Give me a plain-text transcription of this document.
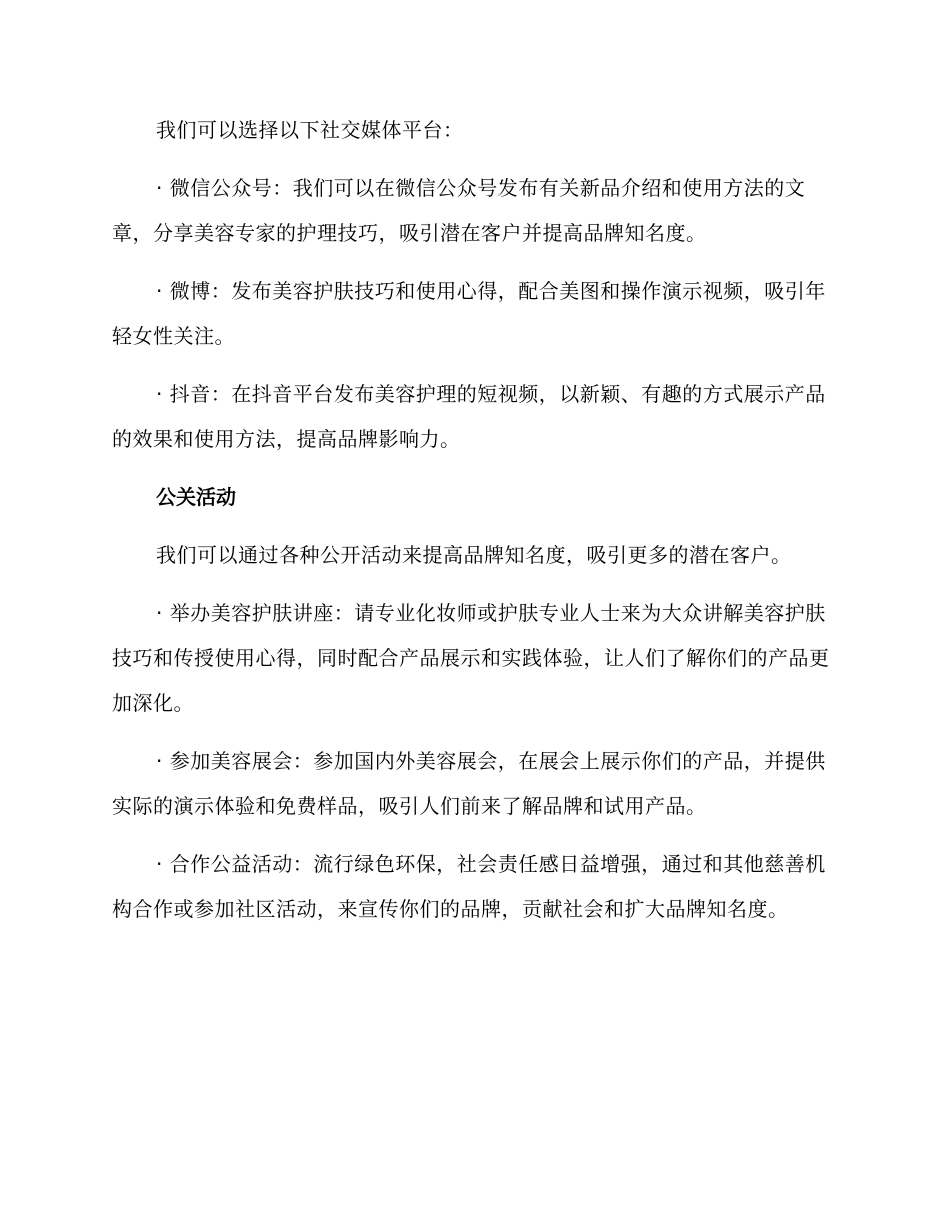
我们可以选择以下社交媒体平台：

· 微信公众号：我们可以在微信公众号发布有关新品介绍和使用方法的文章，分享美容专家的护理技巧，吸引潜在客户并提高品牌知名度。

· 微博：发布美容护肤技巧和使用心得，配合美图和操作演示视频，吸引年轻女性关注。

· 抖音：在抖音平台发布美容护理的短视频，以新颖、有趣的方式展示产品的效果和使用方法，提高品牌影响力。

公关活动

我们可以通过各种公开活动来提高品牌知名度，吸引更多的潜在客户。

· 举办美容护肤讲座：请专业化妆师或护肤专业人士来为大众讲解美容护肤技巧和传授使用心得，同时配合产品展示和实践体验，让人们了解你们的产品更加深化。

· 参加美容展会：参加国内外美容展会，在展会上展示你们的产品，并提供实际的演示体验和免费样品，吸引人们前来了解品牌和试用产品。

· 合作公益活动：流行绿色环保，社会责任感日益增强，通过和其他慈善机构合作或参加社区活动，来宣传你们的品牌，贡献社会和扩大品牌知名度。
